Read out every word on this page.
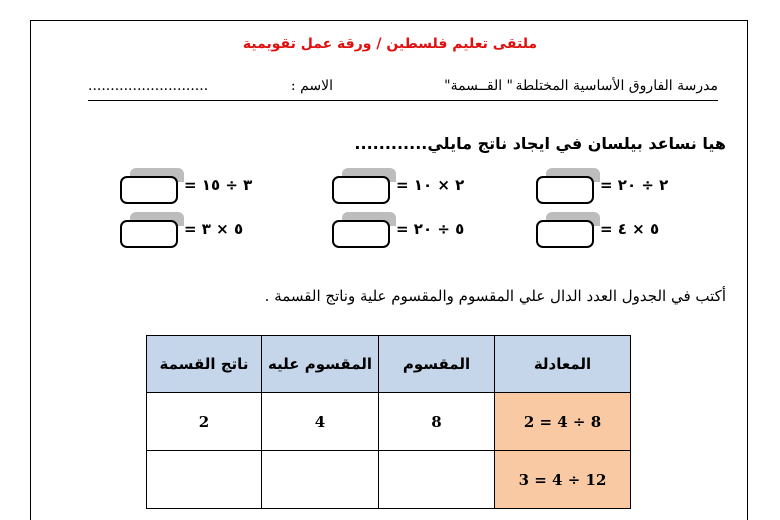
ملتقى تعليم فلسطين / ورقة عمل تقويمية
مدرسة الفاروق الأساسية المختلطة
" القــسمة"
الاسم :
...........................
هيا نساعد بيلسان في ايجاد ناتج مايلي............
= ٢ ÷ ٢٠
= ٢ × ١٠
= ٣ ÷ ١٥
= ٥ × ٤
= ٥ ÷ ٢٠
= ٥ × ٣
أكتب في الجدول العدد الدال علي المقسوم والمقسوم علية وناتج القسمة .
ناتج القسمة	المقسوم عليه	المقسوم	المعادلة
2	4	8	2 = 4 ÷ 8
			3 = 4 ÷ 12
